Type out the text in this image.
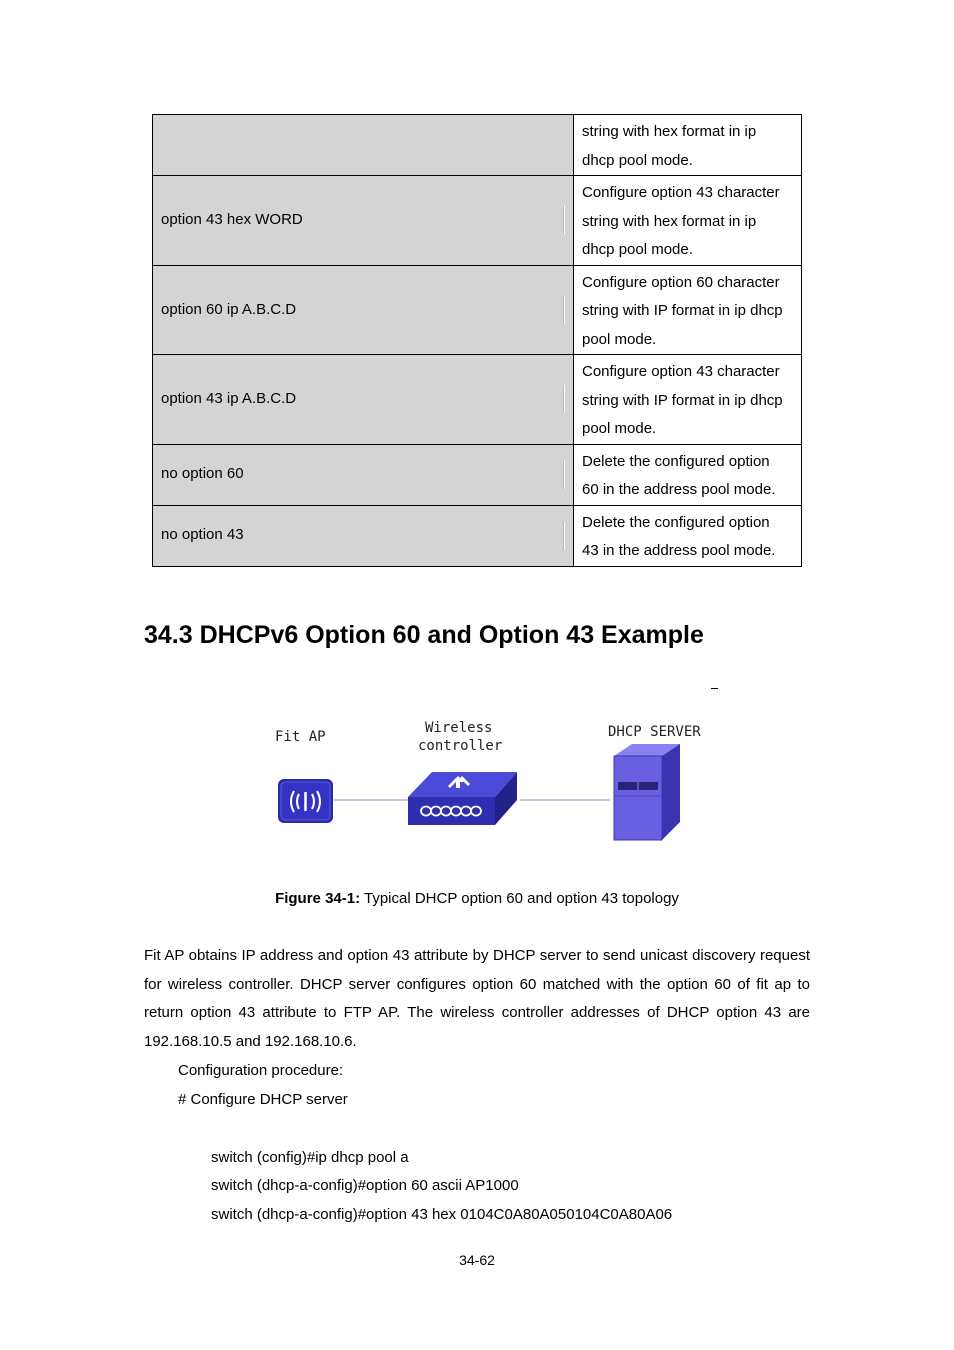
	string with hex format in ip
dhcp pool mode.

option 43 hex WORD	Configure option 43 character
string with hex format in ip
dhcp pool mode.

option 60 ip A.B.C.D	Configure option 60 character
string with IP format in ip dhcp
pool mode.

option 43 ip A.B.C.D	Configure option 43 character
string with IP format in ip dhcp
pool mode.

no option 60	Delete the configured option
60 in the address pool mode.

no option 43	Delete the configured option
43 in the address pool mode.
34.3 DHCPv6 Option 60 and Option 43 Example
Fit AP
Wireless
controller
DHCP SERVER
Figure 34-1: Typical DHCP option 60 and option 43 topology

Fit AP obtains IP address and option 43 attribute by DHCP server to send unicast discovery request for wireless controller. DHCP server configures option 60 matched with the option 60 of fit ap to return option 43 attribute to FTP AP. The wireless controller addresses of DHCP option 43 are 192.168.10.5 and 192.168.10.6.

Configuration procedure:
# Configure DHCP server
switch (config)#ip dhcp pool a
switch (dhcp-a-config)#option 60 ascii AP1000
switch (dhcp-a-config)#option 43 hex 0104C0A80A050104C0A80A06
34-62
